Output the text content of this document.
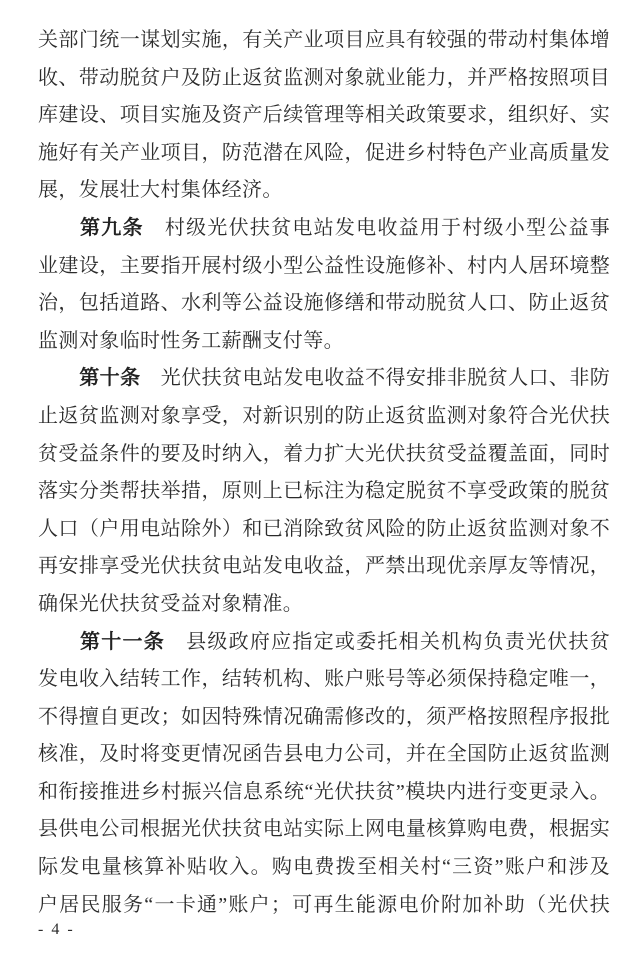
关部门统一谋划实施，有关产业项目应具有较强的带动村集体增
收、带动脱贫户及防止返贫监测对象就业能力，并严格按照项目
库建设、项目实施及资产后续管理等相关政策要求，组织好、实
施好有关产业项目，防范潜在风险，促进乡村特色产业高质量发
展，发展壮大村集体经济。
第九条 村级光伏扶贫电站发电收益用于村级小型公益事
业建设，主要指开展村级小型公益性设施修补、村内人居环境整
治，包括道路、水利等公益设施修缮和带动脱贫人口、防止返贫
监测对象临时性务工薪酬支付等。
第十条 光伏扶贫电站发电收益不得安排非脱贫人口、非防
止返贫监测对象享受，对新识别的防止返贫监测对象符合光伏扶
贫受益条件的要及时纳入，着力扩大光伏扶贫受益覆盖面，同时
落实分类帮扶举措，原则上已标注为稳定脱贫不享受政策的脱贫
人口（户用电站除外）和已消除致贫风险的防止返贫监测对象不
再安排享受光伏扶贫电站发电收益，严禁出现优亲厚友等情况，
确保光伏扶贫受益对象精准。
第十一条 县级政府应指定或委托相关机构负责光伏扶贫
发电收入结转工作，结转机构、账户账号等必须保持稳定唯一，
不得擅自更改；如因特殊情况确需修改的，须严格按照程序报批
核准，及时将变更情况函告县电力公司，并在全国防止返贫监测
和衔接推进乡村振兴信息系统“光伏扶贫”模块内进行变更录入。
县供电公司根据光伏扶贫电站实际上网电量核算购电费，根据实
际发电量核算补贴收入。购电费拨至相关村“三资”账户和涉及
户居民服务“一卡通”账户；可再生能源电价附加补助（光伏扶
- 4 -
